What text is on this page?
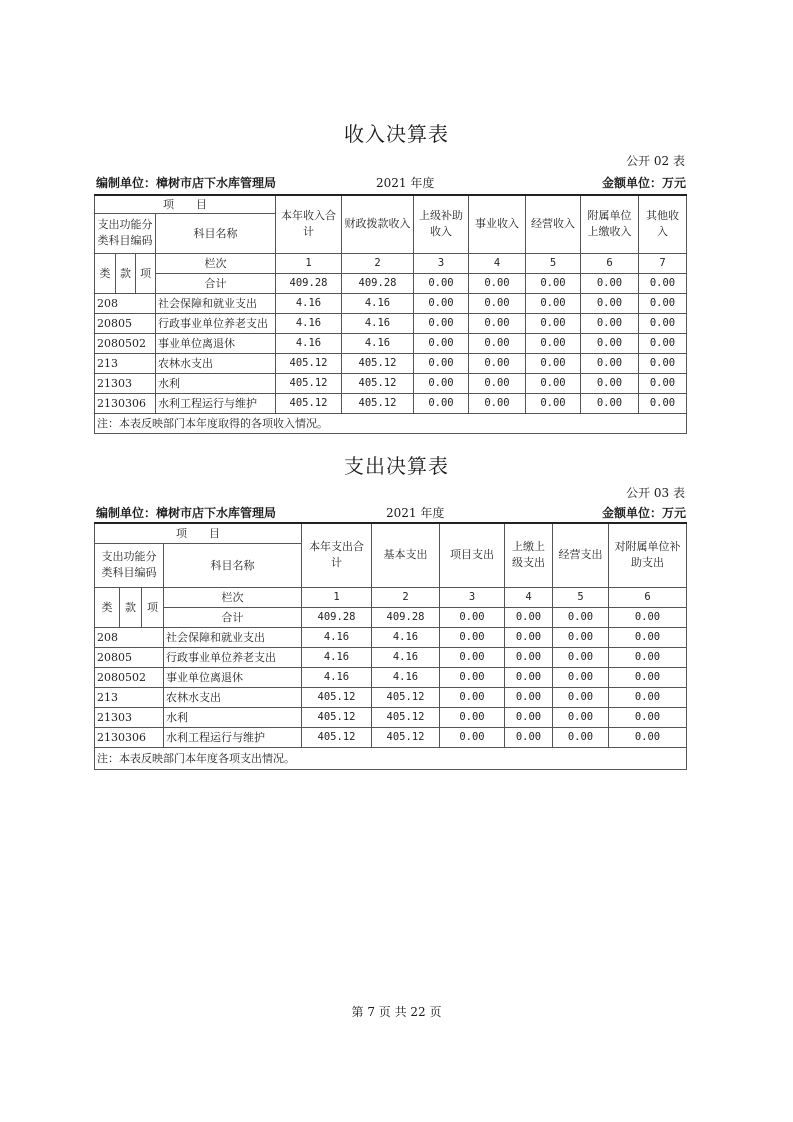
收入决算表
公开 02 表
编制单位：樟树市店下水库管理局	2021 年度	金额单位：万元
项　　目				本年收入合计	财政拨款收入	上级补助收入	事业收入	经营收入	附属单位上缴收入	其他收入
支出功能分类科目编码			科目名称							

类	款	项	栏次	1	2	3	4	5	6	7
			合计	409.28	409.28	0.00	0.00	0.00	0.00	0.00
208			社会保障和就业支出	4.16	4.16	0.00	0.00	0.00	0.00	0.00
20805			行政事业单位养老支出	4.16	4.16	0.00	0.00	0.00	0.00	0.00
2080502			事业单位离退休	4.16	4.16	0.00	0.00	0.00	0.00	0.00
213			农林水支出	405.12	405.12	0.00	0.00	0.00	0.00	0.00
21303			水利	405.12	405.12	0.00	0.00	0.00	0.00	0.00
2130306			水利工程运行与维护	405.12	405.12	0.00	0.00	0.00	0.00	0.00
注：本表反映部门本年度取得的各项收入情况。										
支出决算表
公开 03 表
编制单位：樟树市店下水库管理局	2021 年度	金额单位：万元
项　　目				本年支出合计	基本支出	项目支出	上缴上级支出	经营支出	对附属单位补助支出
支出功能分类科目编码			科目名称						

类	款	项	栏次	1	2	3	4	5	6
			合计	409.28	409.28	0.00	0.00	0.00	0.00
208			社会保障和就业支出	4.16	4.16	0.00	0.00	0.00	0.00
20805			行政事业单位养老支出	4.16	4.16	0.00	0.00	0.00	0.00
2080502			事业单位离退休	4.16	4.16	0.00	0.00	0.00	0.00
213			农林水支出	405.12	405.12	0.00	0.00	0.00	0.00
21303			水利	405.12	405.12	0.00	0.00	0.00	0.00
2130306			水利工程运行与维护	405.12	405.12	0.00	0.00	0.00	0.00
注：本表反映部门本年度各项支出情况。									
第 7 页 共 22 页
